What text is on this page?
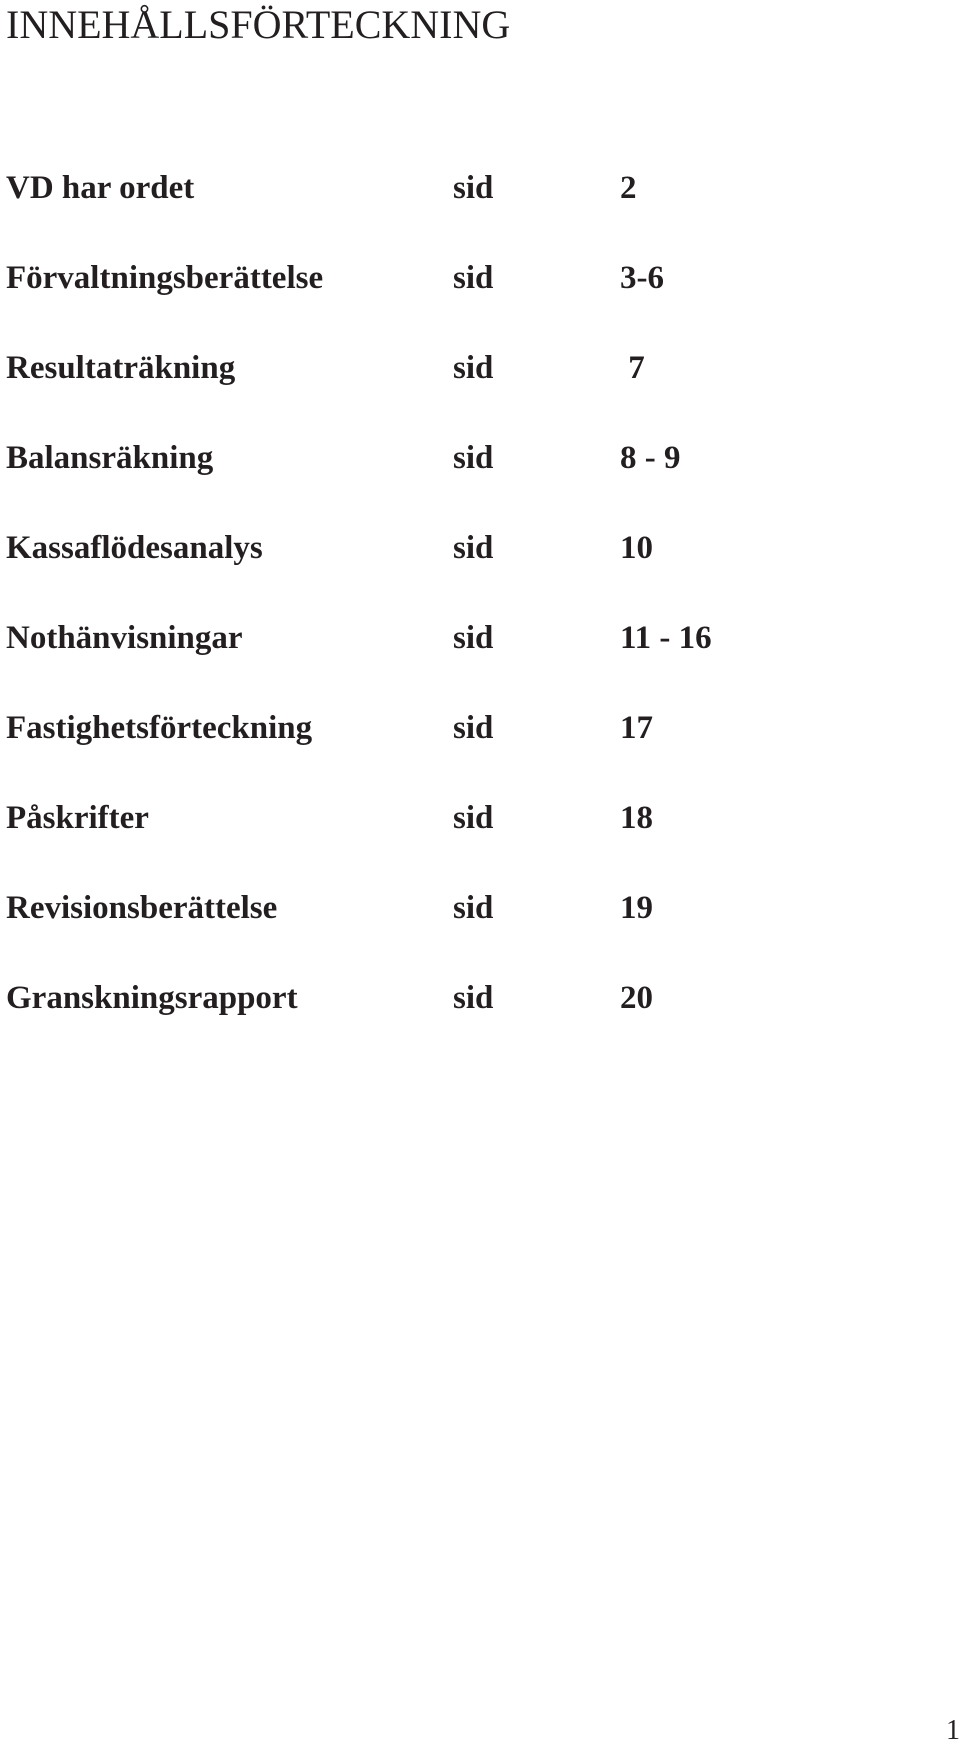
INNEHÅLLSFÖRTECKNING
VD har ordet	sid	2
Förvaltningsberättelse	sid	3-6
Resultaträkning	sid	7
Balansräkning	sid	8 - 9
Kassaflödesanalys	sid	10
Nothänvisningar	sid	11 - 16
Fastighetsförteckning	sid	17
Påskrifter	sid	18
Revisionsberättelse	sid	19
Granskningsrapport	sid	20
1
